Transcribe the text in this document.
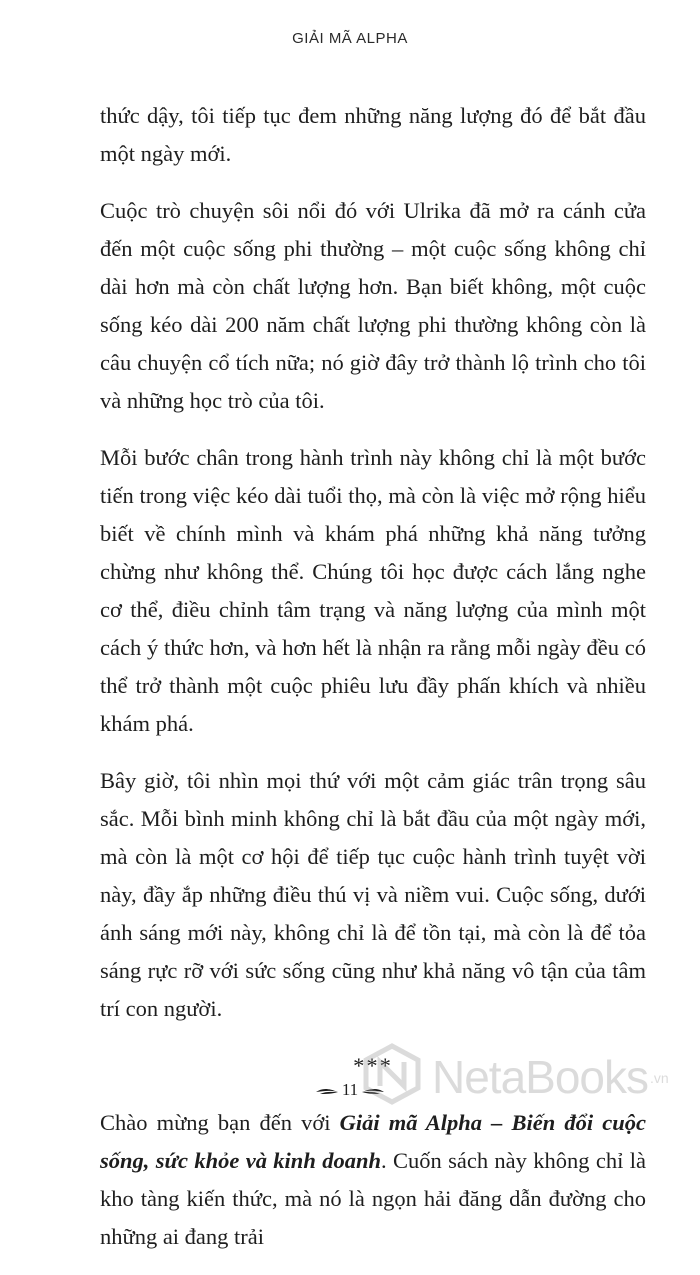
GIẢI MÃ ALPHA

thức dậy, tôi tiếp tục đem những năng lượng đó để bắt đầu một ngày mới.

Cuộc trò chuyện sôi nổi đó với Ulrika đã mở ra cánh cửa đến một cuộc sống phi thường – một cuộc sống không chỉ dài hơn mà còn chất lượng hơn. Bạn biết không, một cuộc sống kéo dài 200 năm chất lượng phi thường không còn là câu chuyện cổ tích nữa; nó giờ đây trở thành lộ trình cho tôi và những học trò của tôi.

Mỗi bước chân trong hành trình này không chỉ là một bước tiến trong việc kéo dài tuổi thọ, mà còn là việc mở rộng hiểu biết về chính mình và khám phá những khả năng tưởng chừng như không thể. Chúng tôi học được cách lắng nghe cơ thể, điều chỉnh tâm trạng và năng lượng của mình một cách ý thức hơn, và hơn hết là nhận ra rằng mỗi ngày đều có thể trở thành một cuộc phiêu lưu đầy phấn khích và nhiều khám phá.

Bây giờ, tôi nhìn mọi thứ với một cảm giác trân trọng sâu sắc. Mỗi bình minh không chỉ là bắt đầu của một ngày mới, mà còn là một cơ hội để tiếp tục cuộc hành trình tuyệt vời này, đầy ắp những điều thú vị và niềm vui. Cuộc sống, dưới ánh sáng mới này, không chỉ là để tồn tại, mà còn là để tỏa sáng rực rỡ với sức sống cũng như khả năng vô tận của tâm trí con người.

***

Chào mừng bạn đến với Giải mã Alpha – Biến đổi cuộc sống, sức khỏe và kinh doanh. Cuốn sách này không chỉ là kho tàng kiến thức, mà nó là ngọn hải đăng dẫn đường cho những ai đang trải

11	NetaBooks .vn
